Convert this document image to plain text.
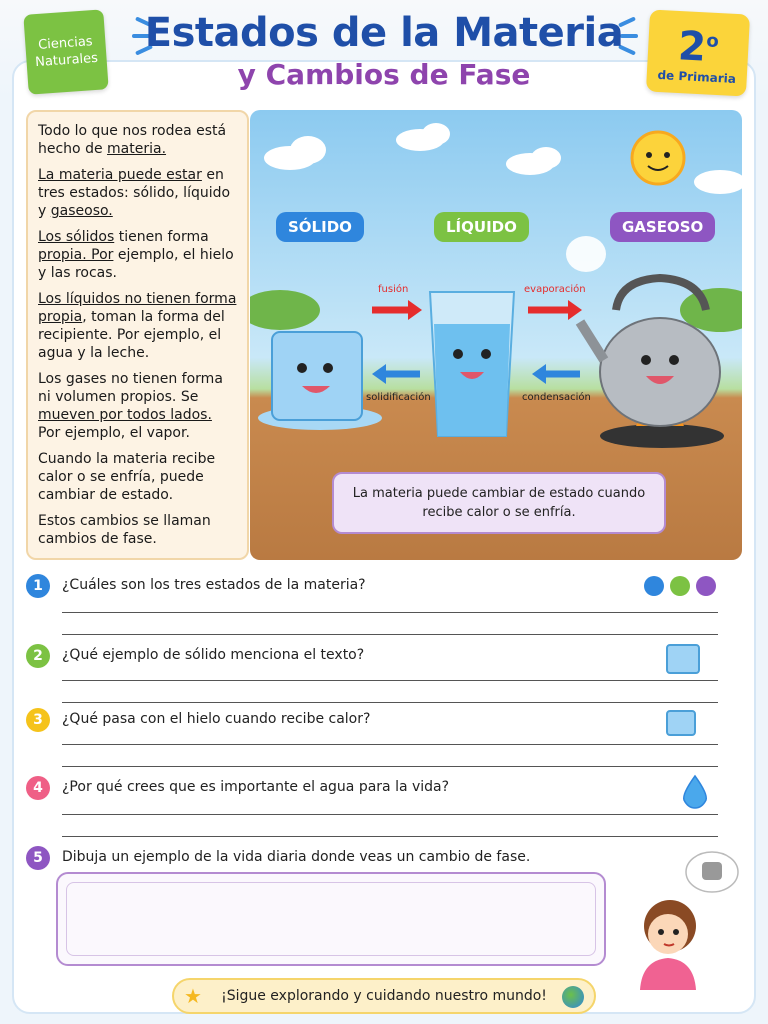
Ciencias Naturales
Estados de la Materia
y Cambios de Fase
2$^o$
de Primaria

Todo lo que nos rodea está hecho de materia.

La materia puede estar en tres estados: sólido, líquido y gaseoso.

Los sólidos tienen forma propia. Por ejemplo, el hielo y las rocas.

Los líquidos no tienen forma propia, toman la forma del recipiente. Por ejemplo, el agua y la leche.

Los gases no tienen forma ni volumen propios. Se mueven por todos lados. Por ejemplo, el vapor.

Cuando la materia recibe calor o se enfría, puede cambiar de estado.

Estos cambios se llaman cambios de fase.

SÓLIDO	LÍQUIDO	GASEOSO
fusión	evaporación
solidificación	condensación
La materia puede cambiar de estado cuando recibe calor o se enfría.
1	¿Cuáles son los tres estados de la materia?
2	¿Qué ejemplo de sólido menciona el texto?
3	¿Qué pasa con el hielo cuando recibe calor?
4	¿Por qué crees que es importante el agua para la vida?
5	Dibuja un ejemplo de la vida diaria donde veas un cambio de fase.
★ ¡Sigue explorando y cuidando nuestro mundo!
